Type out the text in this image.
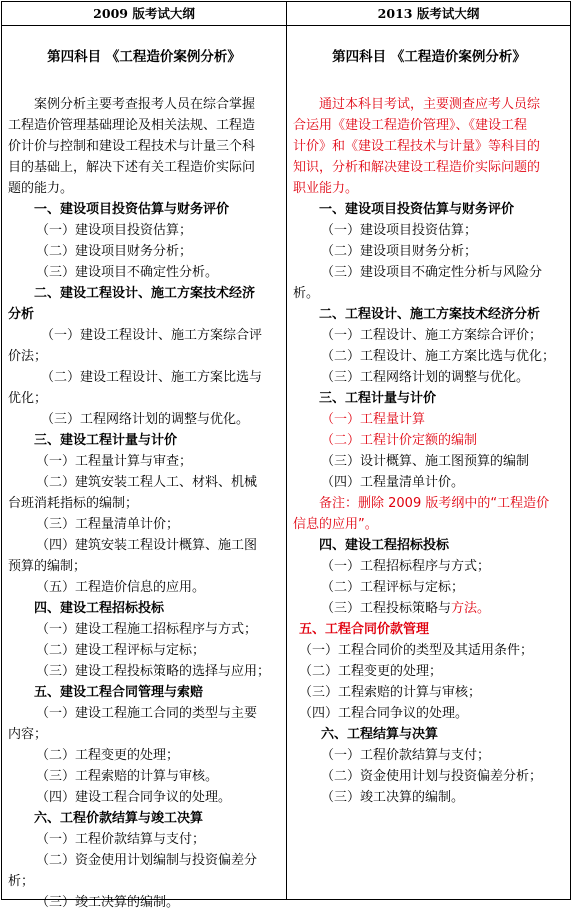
2009 版考试大纲	2013 版考试大纲
第四科目 《工程造价案例分析》
案例分析主要考查报考人员在综合掌握
工程造价管理基础理论及相关法规、工程造
价计价与控制和建设工程技术与计量三个科
目的基础上，解决下述有关工程造价实际问
题的能力。
一、建设项目投资估算与财务评价
（一）建设项目投资估算；
（二）建设项目财务分析；
（三）建设项目不确定性分析。
二、建设工程设计、施工方案技术经济
分析
（一）建设工程设计、施工方案综合评
价法；
（二）建设工程设计、施工方案比选与
优化；
（三）工程网络计划的调整与优化。
三、建设工程计量与计价
（一）工程量计算与审查；
（二）建筑安装工程人工、材料、机械
台班消耗指标的编制；
（三）工程量清单计价；
（四）建筑安装工程设计概算、施工图
预算的编制；
（五）工程造价信息的应用。
四、建设工程招标投标
（一）建设工程施工招标程序与方式；
（二）建设工程评标与定标；
（三）建设工程投标策略的选择与应用；
五、建设工程合同管理与索赔
（一）建设工程施工合同的类型与主要
内容；
（二）工程变更的处理；
（三）工程索赔的计算与审核。
（四）建设工程合同争议的处理。
六、工程价款结算与竣工决算
（一）工程价款结算与支付；
（二）资金使用计划编制与投资偏差分
析；
（三）竣工决算的编制。
第四科目 《工程造价案例分析》
通过本科目考试，主要测查应考人员综
合运用《建设工程造价管理》、《建设工程
计价》和《建设工程技术与计量》等科目的
知识，分析和解决建设工程造价实际问题的
职业能力。
一、建设项目投资估算与财务评价
（一）建设项目投资估算；
（二）建设项目财务分析；
（三）建设项目不确定性分析与风险分
析。
二、工程设计、施工方案技术经济分析
（一）工程设计、施工方案综合评价；
（二）工程设计、施工方案比选与优化；
（三）工程网络计划的调整与优化。
三、工程计量与计价
（一）工程量计算
（二）工程计价定额的编制
（三）设计概算、施工图预算的编制
（四）工程量清单计价。
备注：删除 2009 版考纲中的“工程造价
信息的应用”。
四、建设工程招标投标
（一）工程招标程序与方式；
（二）工程评标与定标；
（三）工程投标策略与方法。
五、工程合同价款管理
（一）工程合同价的类型及其适用条件；
（二）工程变更的处理；
（三）工程索赔的计算与审核；
（四）工程合同争议的处理。
六、工程结算与决算
（一）工程价款结算与支付；
（二）资金使用计划与投资偏差分析；
（三）竣工决算的编制。
